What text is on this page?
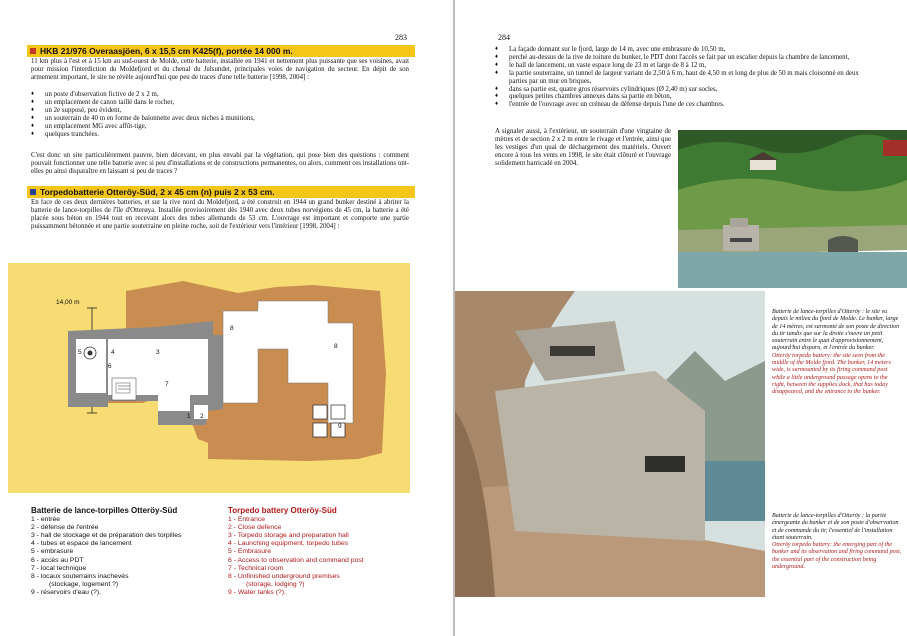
283
HKB 21/976 Overaasjöen, 6 x 15,5 cm K425(f), portée 14 000 m.
11 km plus à l'est et à 15 km au sud-ouest de Molde, cette batterie, installée en 1941 et nettement plus puissante que ses voisines, avait pour mission l'interdiction du Moldefjord et du chenal du Julsundet, principales voies de navigation du secteur. En dépit de son armement important, le site ne révèle aujourd'hui que peu de traces d'une telle batterie [1998, 2004] :
♦ un poste d'observation fictive de 2 x 2 m,
♦ un emplacement de canon taillé dans le rocher,
♦ un 2e supposé, peu évident,
♦ un souterrain de 40 m en forme de baïonnette avec deux niches à munitions,
♦ un emplacement MG avec affût-tige,
♦ quelques tranchées.
C'est donc un site particulièrement pauvre, bien décevant, en plus envahi par la végétation, qui pose bien des questions : comment pouvait fonctionner une telle batterie avec si peu d'installations et de constructions permanentes, ou alors, comment ces installations ont-elles pu ainsi disparaître en laissant si peu de traces ?
Torpedobatterie Otteröy-Süd, 2 x 45 cm (n) puis 2 x 53 cm.
En face de ces deux dernières batteries, et sur la rive nord du Moldefjord, a été construit en 1944 un grand bunker destiné à abriter la batterie de lance-torpilles de l'île d'Otterøya. Installée provisoirement dès 1940 avec deux tubes norvégiens de 45 cm, la batterie a été placée sous béton en 1944 tout en recevant alors des tubes allemands de 53 cm. L'ouvrage est important et comporte une partie puissamment bétonnée et une partie souterraine en pleine roche, soit de l'extérieur vers l'intérieur [1998, 2004] :
14,00 m
5	4	3
6
7
1 2
8
8
9
Batterie de lance-torpilles Otteröy-Süd
1 - entrée
2 - défense de l'entrée
3 - hall de stockage et de préparation des torpilles
4 - tubes et espace de lancement
5 - embrasure
6 - accès au PDT
7 - local technique
8 - locaux souterrains inachevés
(stockage, logement ?)
9 - réservoirs d'eau (?).
Torpedo battery Otteröy-Süd
1 - Entrance
2 - Close defence
3 - Torpedo storage and preparation hall
4 - Launching equipment, torpedo tubes
5 - Embrasure
6 - Access to observation and command post
7 - Technical room
8 - Unfinished underground premises
(storage, lodging ?)
9 - Water tanks (?).
284
♦ La façade donnant sur le fjord, large de 14 m, avec une embrasure de 10,50 m,
♦ perché au-dessus de la rive de toiture du bunker, le PDT dont l'accès se fait par un escalier depuis la chambre de lancement,
♦ le hall de lancement, un vaste espace long de 23 m et large de 8 à 12 m,
♦ la partie souterraine, un tunnel de largeur variant de 2,50 à 6 m, haut de 4,50 m et long de plus de 50 m mais cloisonné en deux parties par un mur en briques,
♦ dans sa partie est, quatre gros réservoirs cylindriques (Ø 2,40 m) sur socles,
♦ quelques petites chambres annexes dans sa partie en béton,
♦ l'entrée de l'ouvrage avec un créneau de défense depuis l'une de ces chambres.
A signaler aussi, à l'extérieur, un souterrain d'une vingtaine de mètres et de section 2 x 2 m entre le rivage et l'entrée, ainsi que les vestiges d'un quai de déchargement des matériels. Ouvert encore à tous les vents en 1998, le site était clôturé et l'ouvrage solidement barricadé en 2004.
Batterie de lance-torpilles d'Otteröy : le site vu depuis le milieu du fjord de Molde. Le bunker, large de 14 mètres, est surmonté de son poste de direction du tir tandis que sur la droite s'ouvre un petit souterrain entre le quai d'approvisionnement, aujourd'hui disparu, et l'entrée du bunker.
Otteröy torpedo battery: the site seen from the middle of the Molde fjord. The bunker, 14 meters wide, is surmounted by its firing command post while a little underground passage opens to the right, between the supplies dock, that has today disappeared, and the entrance to the bunker.
Batterie de lance-torpilles d'Otteröy : la partie émergeante du bunker et de son poste d'observation et de commande du tir, l'essentiel de l'installation étant souterrain.
Otteröy torpedo battery: the emerging part of the bunker and its observation and firing command post, the essential part of the construction being underground.
